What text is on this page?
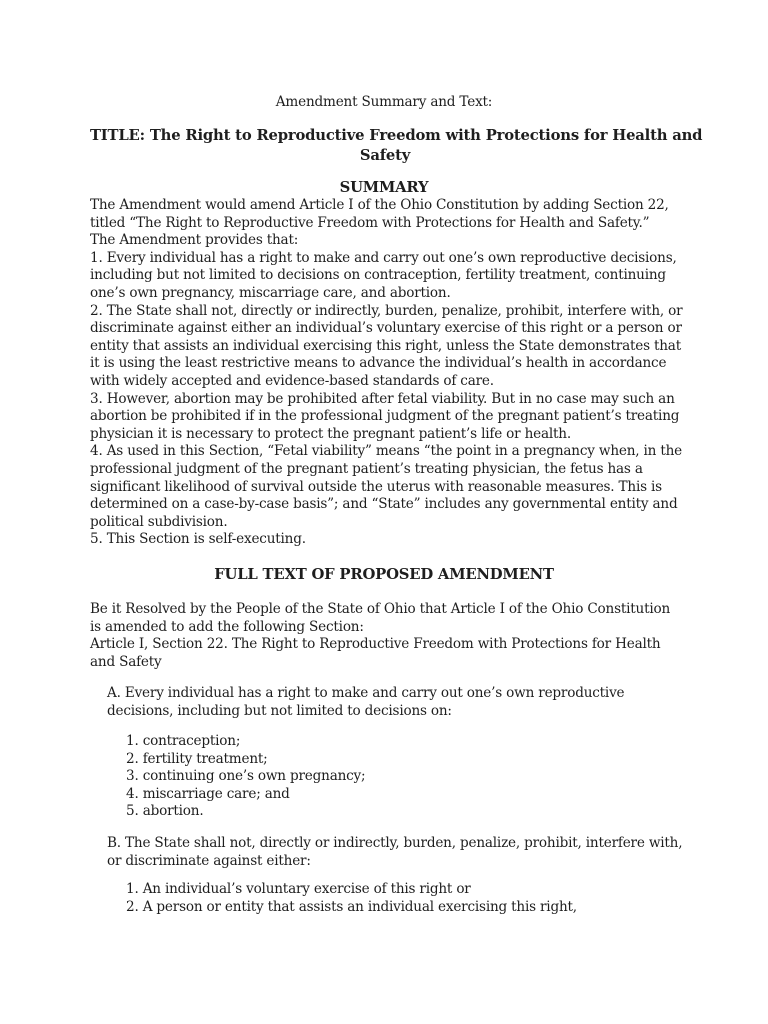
Amendment Summary and Text:
TITLE: The Right to Reproductive Freedom with Protections for Health and
Safety
SUMMARY
The Amendment would amend Article I of the Ohio Constitution by adding Section 22,
titled “The Right to Reproductive Freedom with Protections for Health and Safety.”
The Amendment provides that:
1. Every individual has a right to make and carry out one’s own reproductive decisions,
including but not limited to decisions on contraception, fertility treatment, continuing
one’s own pregnancy, miscarriage care, and abortion.
2. The State shall not, directly or indirectly, burden, penalize, prohibit, interfere with, or
discriminate against either an individual’s voluntary exercise of this right or a person or
entity that assists an individual exercising this right, unless the State demonstrates that
it is using the least restrictive means to advance the individual’s health in accordance
with widely accepted and evidence-based standards of care.
3. However, abortion may be prohibited after fetal viability. But in no case may such an
abortion be prohibited if in the professional judgment of the pregnant patient’s treating
physician it is necessary to protect the pregnant patient’s life or health.
4. As used in this Section, “Fetal viability” means “the point in a pregnancy when, in the
professional judgment of the pregnant patient’s treating physician, the fetus has a
significant likelihood of survival outside the uterus with reasonable measures. This is
determined on a case-by-case basis”; and “State” includes any governmental entity and
political subdivision.
5. This Section is self-executing.
FULL TEXT OF PROPOSED AMENDMENT
Be it Resolved by the People of the State of Ohio that Article I of the Ohio Constitution
is amended to add the following Section:
Article I, Section 22. The Right to Reproductive Freedom with Protections for Health
and Safety
A. Every individual has a right to make and carry out one’s own reproductive
decisions, including but not limited to decisions on:
1. contraception;
2. fertility treatment;
3. continuing one’s own pregnancy;
4. miscarriage care; and
5. abortion.
B. The State shall not, directly or indirectly, burden, penalize, prohibit, interfere with,
or discriminate against either:
1. An individual’s voluntary exercise of this right or
2. A person or entity that assists an individual exercising this right,
